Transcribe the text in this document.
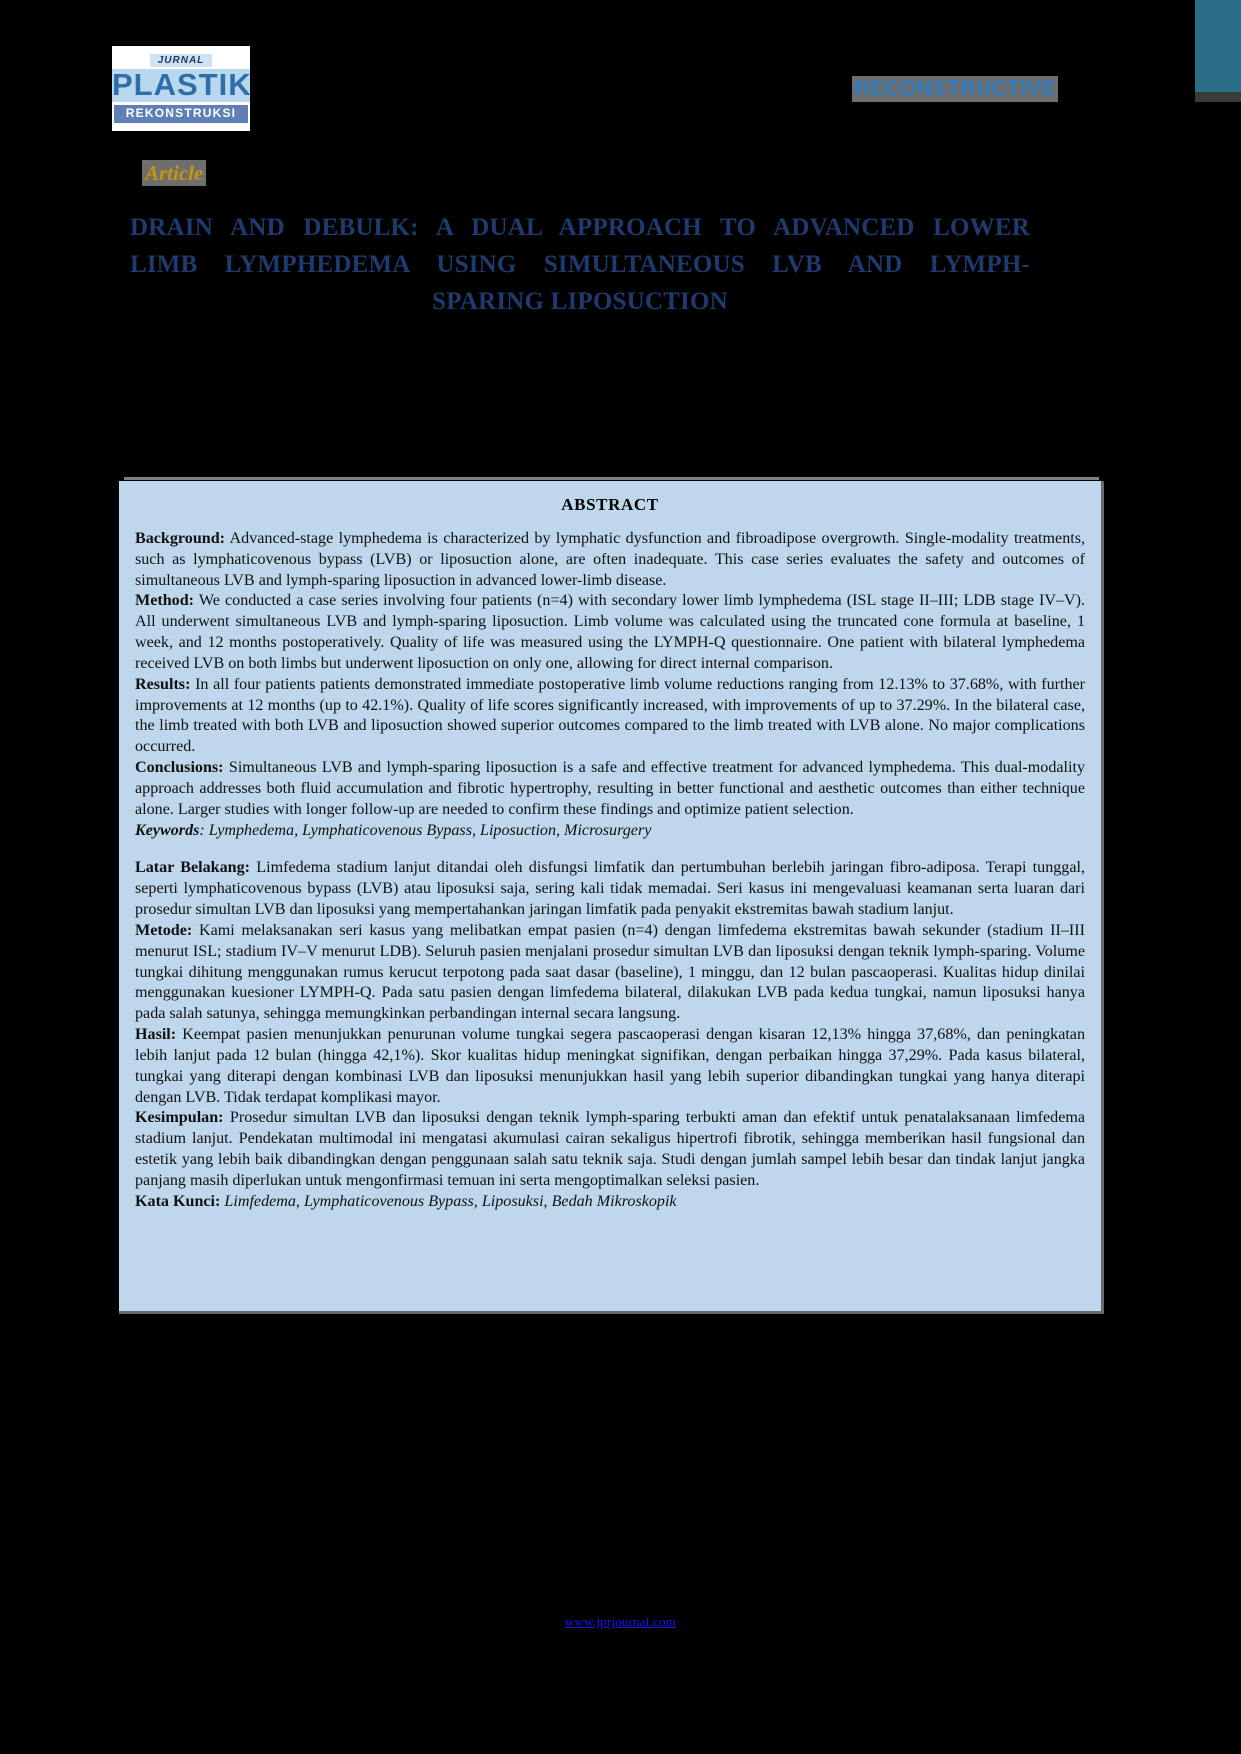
JURNAL
PLASTIK
REKONSTRUKSI
RECONSTRUCTIVE
Article
DRAIN AND DEBULK: A DUAL APPROACH TO ADVANCED LOWER
LIMB LYMPHEDEMA USING SIMULTANEOUS LVB AND LYMPH-
SPARING LIPOSUCTION
ABSTRACT

Background: Advanced-stage lymphedema is characterized by lymphatic dysfunction and fibroadipose overgrowth. Single-modality treatments, such as lymphaticovenous bypass (LVB) or liposuction alone, are often inadequate. This case series evaluates the safety and outcomes of simultaneous LVB and lymph-sparing liposuction in advanced lower-limb disease.

Method: We conducted a case series involving four patients (n=4) with secondary lower limb lymphedema (ISL stage II–III; LDB stage IV–V). All underwent simultaneous LVB and lymph-sparing liposuction. Limb volume was calculated using the truncated cone formula at baseline, 1 week, and 12 months postoperatively. Quality of life was measured using the LYMPH-Q questionnaire. One patient with bilateral lymphedema received LVB on both limbs but underwent liposuction on only one, allowing for direct internal comparison.

Results: In all four patients patients demonstrated immediate postoperative limb volume reductions ranging from 12.13% to 37.68%, with further improvements at 12 months (up to 42.1%). Quality of life scores significantly increased, with improvements of up to 37.29%. In the bilateral case, the limb treated with both LVB and liposuction showed superior outcomes compared to the limb treated with LVB alone. No major complications occurred.

Conclusions: Simultaneous LVB and lymph-sparing liposuction is a safe and effective treatment for advanced lymphedema. This dual-modality approach addresses both fluid accumulation and fibrotic hypertrophy, resulting in better functional and aesthetic outcomes than either technique alone. Larger studies with longer follow-up are needed to confirm these findings and optimize patient selection.

Keywords: Lymphedema, Lymphaticovenous Bypass, Liposuction, Microsurgery

Latar Belakang: Limfedema stadium lanjut ditandai oleh disfungsi limfatik dan pertumbuhan berlebih jaringan fibro-adiposa. Terapi tunggal, seperti lymphaticovenous bypass (LVB) atau liposuksi saja, sering kali tidak memadai. Seri kasus ini mengevaluasi keamanan serta luaran dari prosedur simultan LVB dan liposuksi yang mempertahankan jaringan limfatik pada penyakit ekstremitas bawah stadium lanjut.

Metode: Kami melaksanakan seri kasus yang melibatkan empat pasien (n=4) dengan limfedema ekstremitas bawah sekunder (stadium II–III menurut ISL; stadium IV–V menurut LDB). Seluruh pasien menjalani prosedur simultan LVB dan liposuksi dengan teknik lymph-sparing. Volume tungkai dihitung menggunakan rumus kerucut terpotong pada saat dasar (baseline), 1 minggu, dan 12 bulan pascaoperasi. Kualitas hidup dinilai menggunakan kuesioner LYMPH-Q. Pada satu pasien dengan limfedema bilateral, dilakukan LVB pada kedua tungkai, namun liposuksi hanya pada salah satunya, sehingga memungkinkan perbandingan internal secara langsung.

Hasil: Keempat pasien menunjukkan penurunan volume tungkai segera pascaoperasi dengan kisaran 12,13% hingga 37,68%, dan peningkatan lebih lanjut pada 12 bulan (hingga 42,1%). Skor kualitas hidup meningkat signifikan, dengan perbaikan hingga 37,29%. Pada kasus bilateral, tungkai yang diterapi dengan kombinasi LVB dan liposuksi menunjukkan hasil yang lebih superior dibandingkan tungkai yang hanya diterapi dengan LVB. Tidak terdapat komplikasi mayor.

Kesimpulan: Prosedur simultan LVB dan liposuksi dengan teknik lymph-sparing terbukti aman dan efektif untuk penatalaksanaan limfedema stadium lanjut. Pendekatan multimodal ini mengatasi akumulasi cairan sekaligus hipertrofi fibrotik, sehingga memberikan hasil fungsional dan estetik yang lebih baik dibandingkan dengan penggunaan salah satu teknik saja. Studi dengan jumlah sampel lebih besar dan tindak lanjut jangka panjang masih diperlukan untuk mengonfirmasi temuan ini serta mengoptimalkan seleksi pasien.

Kata Kunci: Limfedema, Lymphaticovenous Bypass, Liposuksi, Bedah Mikroskopik

www.jprjournal.com
